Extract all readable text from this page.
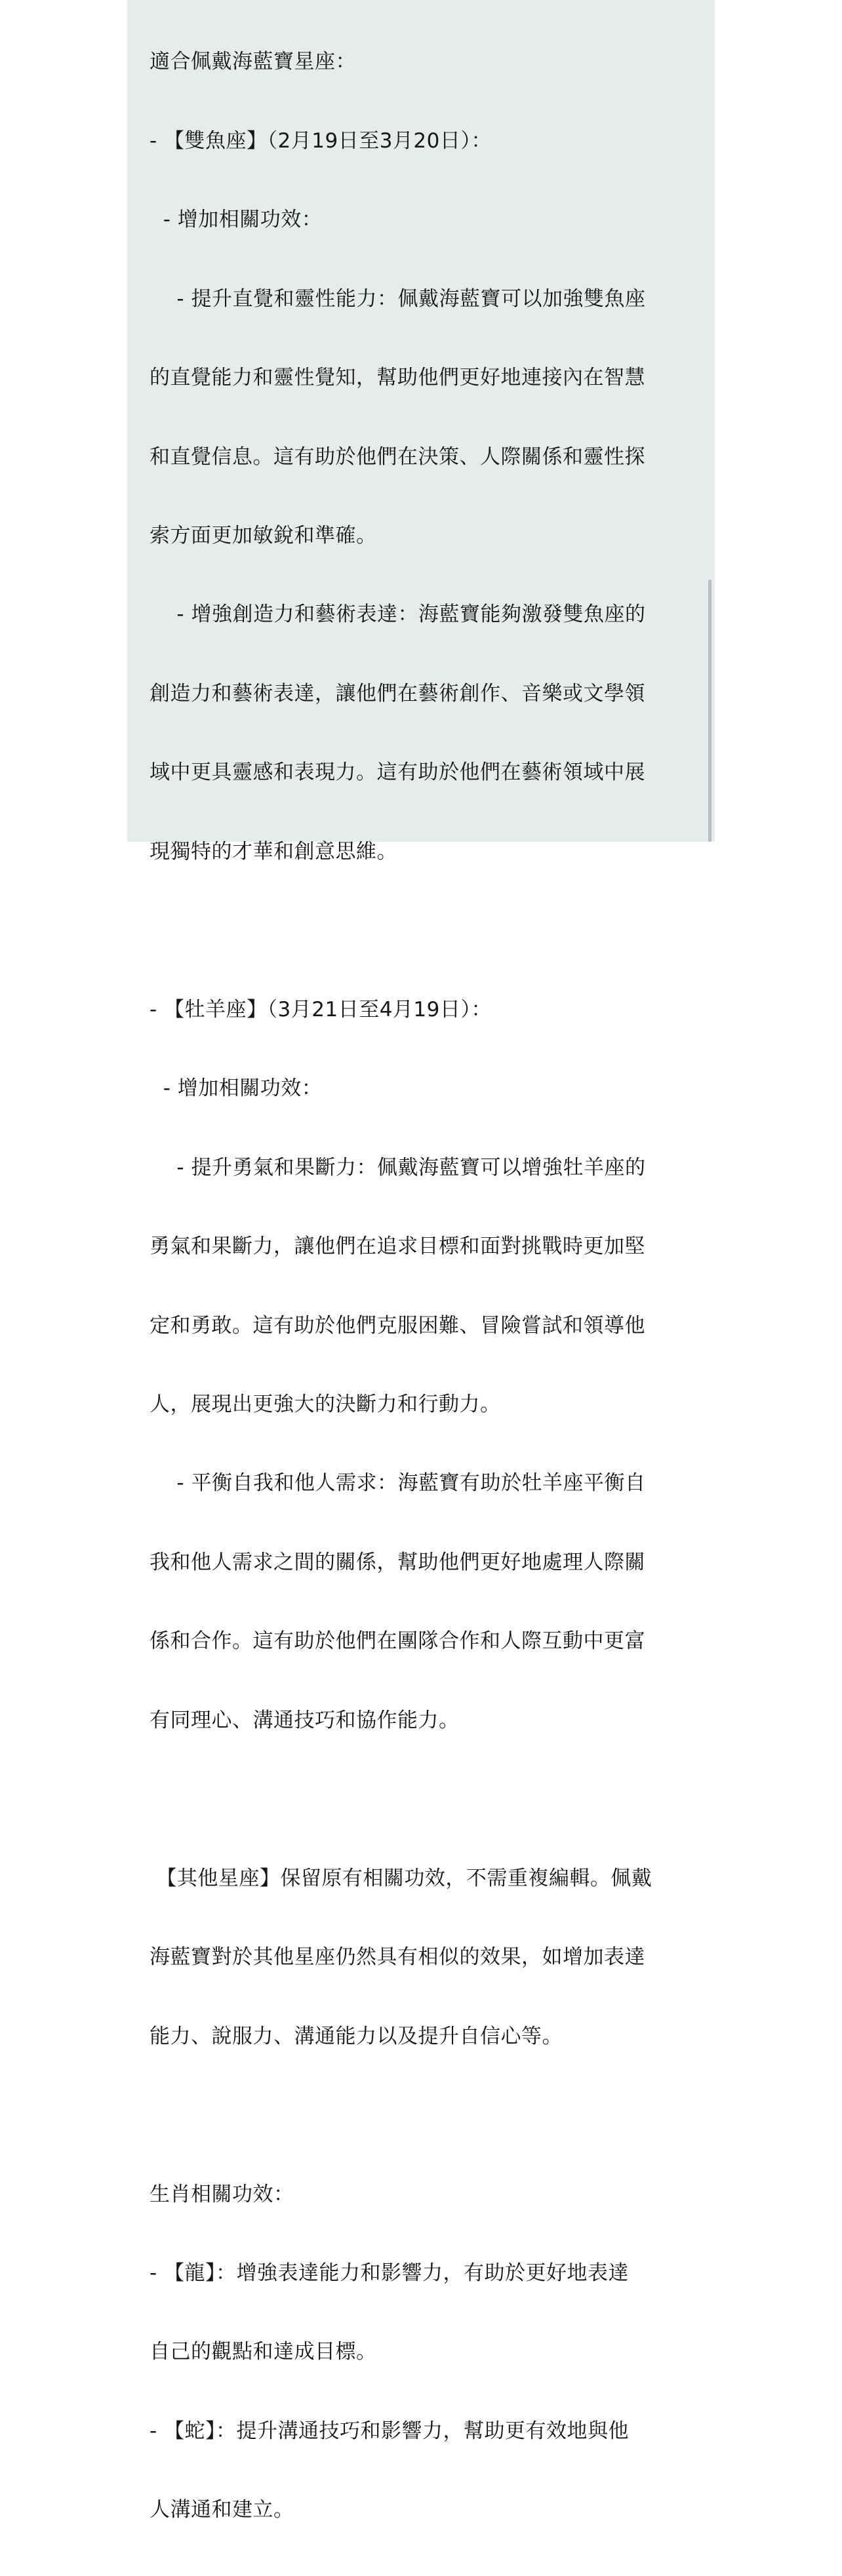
適合佩戴海藍寶星座：

- 【雙魚座】（2月19日至3月20日）：

- 增加相關功效：

- 提升直覺和靈性能力：佩戴海藍寶可以加強雙魚座

的直覺能力和靈性覺知，幫助他們更好地連接內在智慧

和直覺信息。這有助於他們在決策、人際關係和靈性探

索方面更加敏銳和準確。

- 增強創造力和藝術表達：海藍寶能夠激發雙魚座的

創造力和藝術表達，讓他們在藝術創作、音樂或文學領

域中更具靈感和表現力。這有助於他們在藝術領域中展

現獨特的才華和創意思維。

- 【牡羊座】（3月21日至4月19日）：

- 增加相關功效：

- 提升勇氣和果斷力：佩戴海藍寶可以增強牡羊座的

勇氣和果斷力，讓他們在追求目標和面對挑戰時更加堅

定和勇敢。這有助於他們克服困難、冒險嘗試和領導他

人，展現出更強大的決斷力和行動力。

- 平衡自我和他人需求：海藍寶有助於牡羊座平衡自

我和他人需求之間的關係，幫助他們更好地處理人際關

係和合作。這有助於他們在團隊合作和人際互動中更富

有同理心、溝通技巧和協作能力。

【其他星座】保留原有相關功效，不需重複編輯。佩戴

海藍寶對於其他星座仍然具有相似的效果，如增加表達

能力、說服力、溝通能力以及提升自信心等。

生肖相關功效：

- 【龍】：增強表達能力和影響力，有助於更好地表達

自己的觀點和達成目標。

- 【蛇】：提升溝通技巧和影響力，幫助更有效地與他

人溝通和建立。
